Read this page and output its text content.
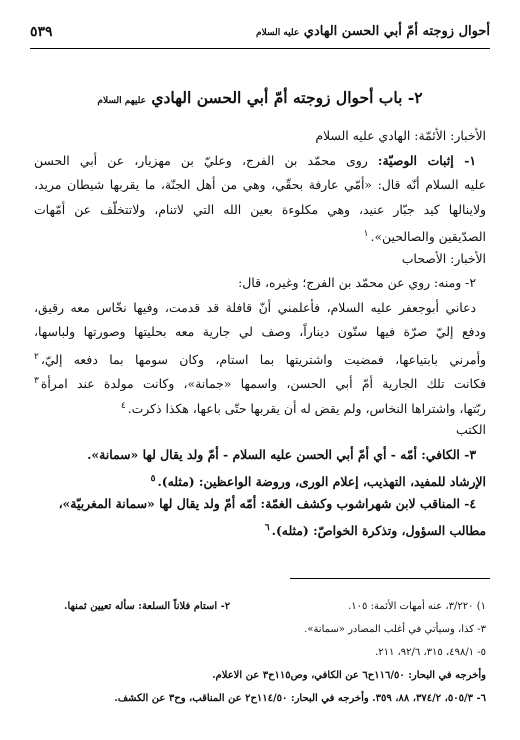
أحوال زوجته أمّ أبي الحسن الهادي عليه السلام
٥٣٩
٢- باب أحوال زوجته أمّ أبي الحسن الهادي عليهم السلام
الأخبار: الأئمّة: الهادي عليه السلام
١- إثبات الوصيّة: روى محمّد بن الفرج، وعليّ بن مهزيار، عن أبي الحسن
عليه السلام أنّه قال: «أمّي عارفة بحقّي، وهي من أهل الجنّة، ما يقربها شيطان مريد،
ولاينالها كيد جبّار عنيد، وهي مكلوءة بعين الله التي لاتنام، ولاتتخلّف عن أمّهات
الصدّيقين والصالحين».$^١$
الأخبار: الأصحاب
٢- ومنه: روي عن محمّد بن الفرج؛ وغيره، قال:
دعاني أبوجعفر عليه السلام، فأعلمني أنّ قافلة قد قدمت، وفيها نخّاس معه رقيق،
ودفع إليّ صرّة فيها ستّون ديناراً، وصف لي جارية معه بحليتها وصورتها ولباسها،
وأمرني بابتياعها، فمضيت واشتريتها بما استام، وكان سومها بما دفعه إليّ،$^٢$
فكانت تلك الجارية أمّ أبي الحسن، واسمها «جمانة»، وكانت مولدة عند امرأة$^٣$
ربّتها، واشتراها النخاس، ولم يقض له أن يقربها حتّى باعها، هكذا ذكرت.$^٤$
الكتب
٣- الكافي: أمّه - أي أمّ أبي الحسن عليه السلام - أمّ ولد يقال لها «سمانة».
الإرشاد للمفيد، التهذيب، إعلام الورى، وروضة الواعظين: (مثله).$^٥$
٤- المناقب لابن شهراشوب وكشف الغمّة: أمّه أمّ ولد يقال لها «سمانة المغربيّة»،
مطالب السؤول، وتذكرة الخواصّ: (مثله).$^٦$
١) ٣/٢٢٠، عنه أمهات الأئمة: ١٠٥.
٢- استام فلاناً السلعة: سأله تعيين ثمنها.
٣- كذا، وسيأتي في أغلب المصادر «سمانة».
٥- ٤٩٨/١، ٣١٥، ٩٢/٦، ٢١١.
وأخرجه في البحار: ١١٦/٥٠ح٦ عن الكافي، وص١١٥ح٣ عن الاعلام.
٦- ٥٠٥/٣، ٣٧٤/٢، ٨٨، ٣٥٩. وأخرجه في البحار: ١١٤/٥٠ح٢ عن المناقب، وح٣ عن الكشف.
